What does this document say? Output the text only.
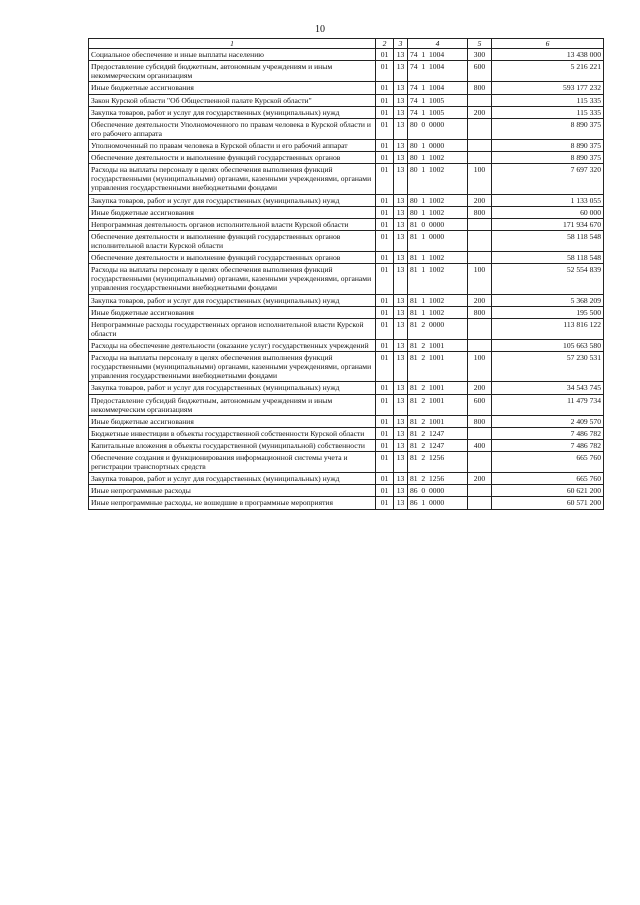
10
1	2	3	4	5	6
Социальное обеспечение и иные выплаты населению	01	13	74  1  1004	300	13 438 000
Предоставление субсидий бюджетным, автономным учреждениям и иным некоммерческим организациям	01	13	74  1  1004	600	5 216 221
Иные бюджетные ассигнования	01	13	74  1  1004	800	593 177 232
Закон Курской области "Об Общественной палате Курской области"	01	13	74  1  1005		115 335
Закупка товаров, работ и услуг для государственных (муниципальных) нужд	01	13	74  1  1005	200	115 335
Обеспечение деятельности Уполномоченного по правам человека в Курской области и его рабочего аппарата	01	13	80  0  0000		8 890 375
Уполномоченный по правам человека в Курской области и его рабочий аппарат	01	13	80  1  0000		8 890 375
Обеспечение деятельности и выполнение функций государственных органов	01	13	80  1  1002		8 890 375
Расходы на выплаты персоналу в целях обеспечения выполнения функций государственными (муниципальными) органами, казенными учреждениями, органами управления государственными внебюджетными фондами	01	13	80  1  1002	100	7 697 320
Закупка товаров, работ и услуг для государственных (муниципальных) нужд	01	13	80  1  1002	200	1 133 055
Иные бюджетные ассигнования	01	13	80  1  1002	800	60 000
Непрограммная деятельность органов исполнительной власти Курской области	01	13	81  0  0000		171 934 670
Обеспечение деятельности и выполнение функций государственных органов исполнительной власти Курской области	01	13	81  1  0000		58 118 548
Обеспечение деятельности и выполнение функций государственных органов	01	13	81  1  1002		58 118 548
Расходы на выплаты персоналу в целях обеспечения выполнения функций государственными (муниципальными) органами, казенными учреждениями, органами управления государственными внебюджетными фондами	01	13	81  1  1002	100	52 554 839
Закупка товаров, работ и услуг для государственных (муниципальных) нужд	01	13	81  1  1002	200	5 368 209
Иные бюджетные ассигнования	01	13	81  1  1002	800	195 500
Непрограммные расходы государственных органов исполнительной власти Курской области	01	13	81  2  0000		113 816 122
Расходы на обеспечение деятельности (оказание услуг) государственных учреждений	01	13	81  2  1001		105 663 580
Расходы на выплаты персоналу в целях обеспечения выполнения функций государственными (муниципальными) органами, казенными учреждениями, органами управления государственными внебюджетными фондами	01	13	81  2  1001	100	57 230 531
Закупка товаров, работ и услуг для государственных (муниципальных) нужд	01	13	81  2  1001	200	34 543 745
Предоставление субсидий бюджетным, автономным учреждениям и иным некоммерческим организациям	01	13	81  2  1001	600	11 479 734
Иные бюджетные ассигнования	01	13	81  2  1001	800	2 409 570
Бюджетные инвестиции в объекты государственной собственности Курской области	01	13	81  2  1247		7 486 782
Капитальные вложения в объекты государственной (муниципальной) собственности	01	13	81  2  1247	400	7 486 782
Обеспечение создания и функционирования информационной системы учета и регистрации транспортных средств	01	13	81  2  1256		665 760
Закупка товаров, работ и услуг для государственных (муниципальных) нужд	01	13	81  2  1256	200	665 760
Иные непрограммные расходы	01	13	86  0  0000		60 621 200
Иные непрограммные расходы, не вошедшие в программные мероприятия	01	13	86  1  0000		60 571 200
